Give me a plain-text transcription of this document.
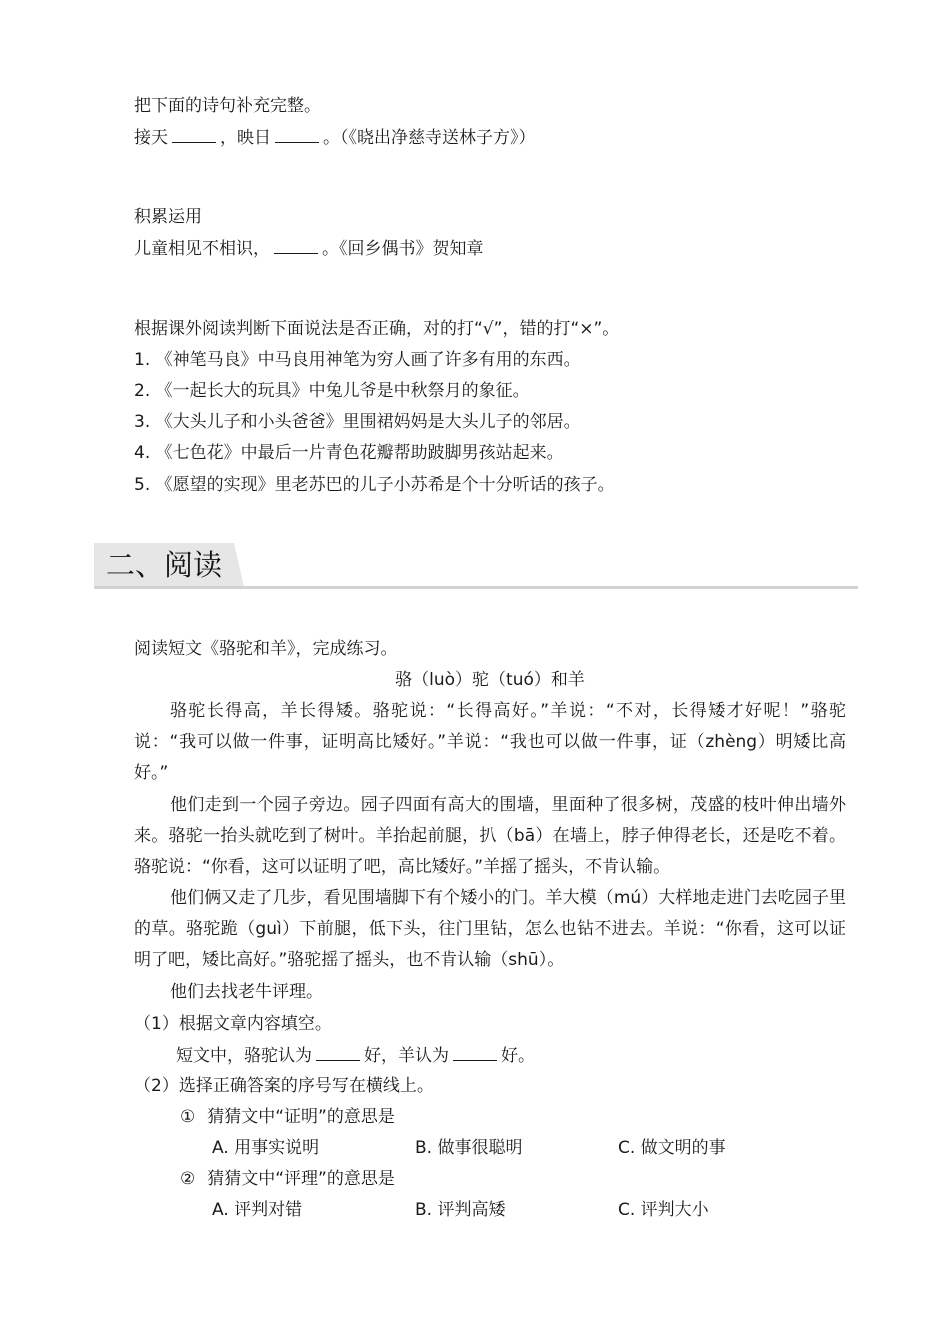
把下面的诗句补充完整。
接天	，映日	。（《晓出净慈寺送林子方》）
积累运用
儿童相见不相识，	。《回乡偶书》贺知章
根据课外阅读判断下面说法是否正确，对的打“√”，错的打“×”。
1. 《神笔马良》中马良用神笔为穷人画了许多有用的东西。
2. 《一起长大的玩具》中兔儿爷是中秋祭月的象征。
3. 《大头儿子和小头爸爸》里围裙妈妈是大头儿子的邻居。
4. 《七色花》中最后一片青色花瓣帮助跛脚男孩站起来。
5. 《愿望的实现》里老苏巴的儿子小苏希是个十分听话的孩子。
二、阅读
阅读短文《骆驼和羊》，完成练习。
骆（luò）驼（tuó）和羊
骆驼长得高，羊长得矮。骆驼说：“长得高好。”羊说：“不对，长得矮才好呢！”骆驼说：“我可以做一件事，证明高比矮好。”羊说：“我也可以做一件事，证（zhèng）明矮比高好。”
他们走到一个园子旁边。园子四面有高大的围墙，里面种了很多树，茂盛的枝叶伸出墙外来。骆驼一抬头就吃到了树叶。羊抬起前腿，扒（bā）在墙上，脖子伸得老长，还是吃不着。骆驼说：“你看，这可以证明了吧，高比矮好。”羊摇了摇头，不肯认输。
他们俩又走了几步，看见围墙脚下有个矮小的门。羊大模（mú）大样地走进门去吃园子里的草。骆驼跪（guì）下前腿，低下头，往门里钻，怎么也钻不进去。羊说：“你看，这可以证明了吧，矮比高好。”骆驼摇了摇头，也不肯认输（shū）。
他们去找老牛评理。
（1）根据文章内容填空。
短文中，骆驼认为	好，羊认为	好。
（2）选择正确答案的序号写在横线上。
① 猜猜文中“证明”的意思是
A. 用事实说明	B. 做事很聪明	C. 做文明的事
② 猜猜文中“评理”的意思是
A. 评判对错	B. 评判高矮	C. 评判大小
